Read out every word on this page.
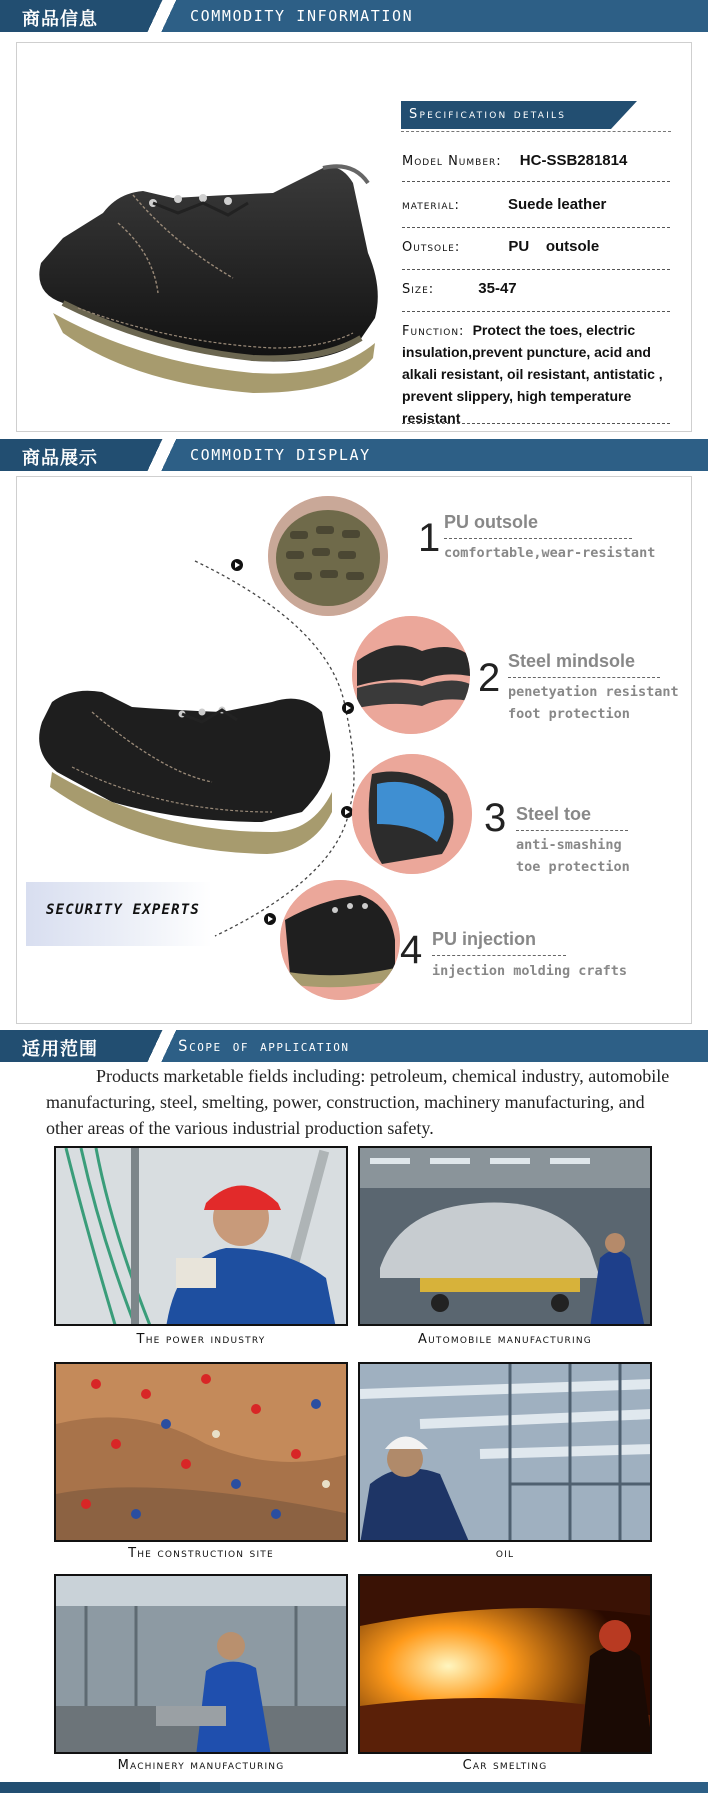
商品信息	COMMODITY INFORMATION
Specification details
Model Number: HC-SSB281814
material:	Suede leather
Outsole:	PU    outsole
Size:	35-47
Function: Protect the toes, electric insulation,prevent puncture, acid and alkali resistant, oil resistant, antistatic , prevent slippery, high temperature resistant
商品展示	COMMODITY DISPLAY
SECURITY EXPERTS
1 PU outsole
comfortable,wear-resistant
2 Steel mindsole
penetyation resistant
foot protection
3 Steel toe
anti-smashing
toe protection
4 PU injection
injection molding crafts
适用范围	Scope of application

Products marketable fields including: petroleum, chemical industry, automobile manufacturing, steel, smelting, power, construction, machinery manufacturing, and other areas of the various industrial production safety.

The power industry	Automobile manufacturing
The construction site	oil
Machinery manufacturing	Car smelting
